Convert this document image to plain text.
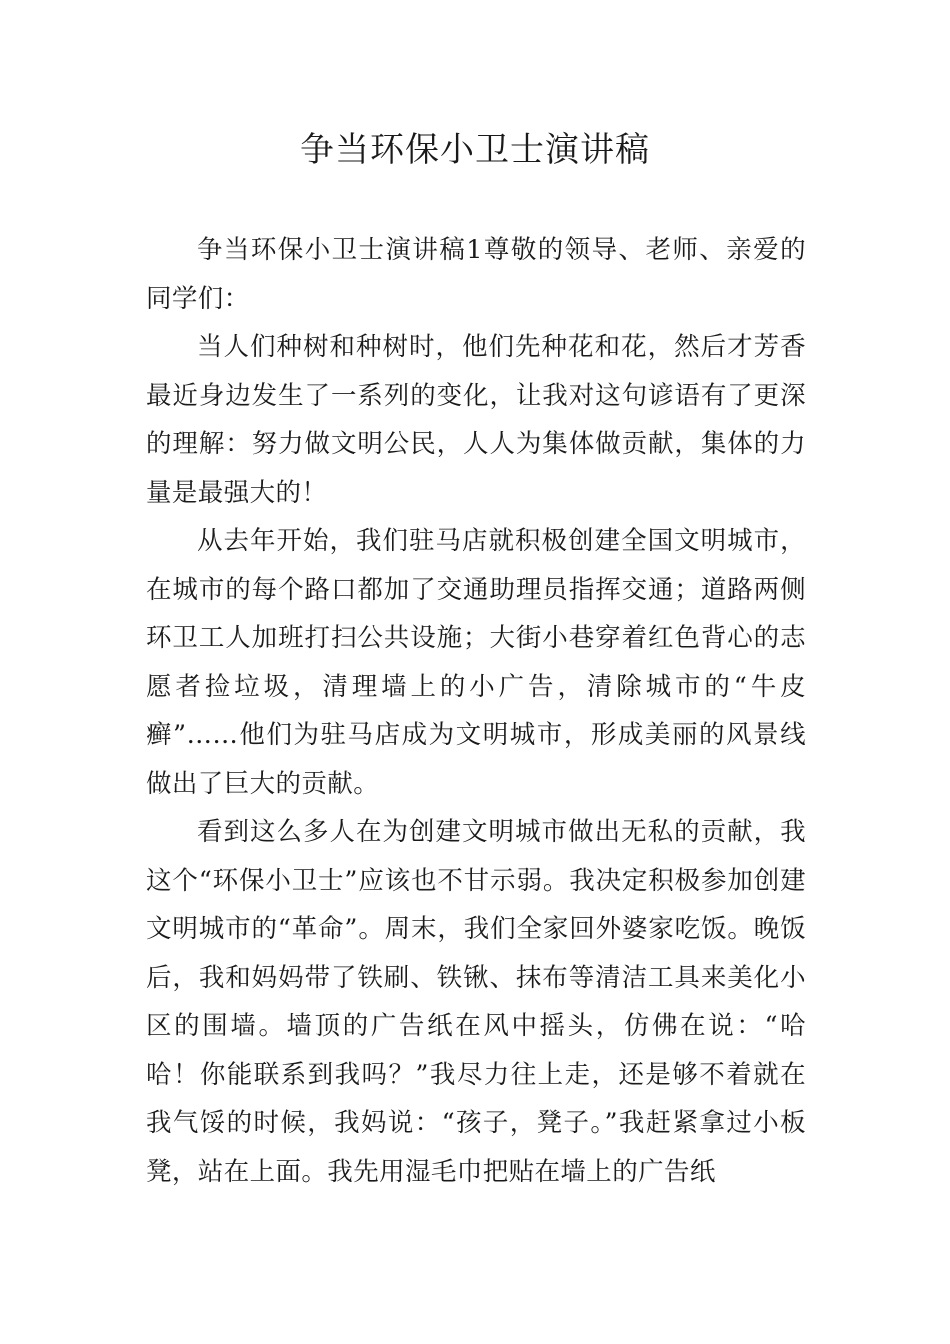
争当环保小卫士演讲稿

争当环保小卫士演讲稿1尊敬的领导、老师、亲爱的同学们：

当人们种树和种树时，他们先种花和花，然后才芳香最近身边发生了一系列的变化，让我对这句谚语有了更深的理解：努力做文明公民，人人为集体做贡献，集体的力量是最强大的！

从去年开始，我们驻马店就积极创建全国文明城市，在城市的每个路口都加了交通助理员指挥交通；道路两侧环卫工人加班打扫公共设施；大街小巷穿着红色背心的志愿者捡垃圾，清理墙上的小广告，清除城市的“牛皮癣”……他们为驻马店成为文明城市，形成美丽的风景线做出了巨大的贡献。

看到这么多人在为创建文明城市做出无私的贡献，我这个“环保小卫士”应该也不甘示弱。我决定积极参加创建文明城市的“革命”。周末，我们全家回外婆家吃饭。晚饭后，我和妈妈带了铁刷、铁锹、抹布等清洁工具来美化小区的围墙。墙顶的广告纸在风中摇头，仿佛在说：“哈哈！你能联系到我吗？”我尽力往上走，还是够不着就在我气馁的时候，我妈说：“孩子，凳子。”我赶紧拿过小板凳，站在上面。我先用湿毛巾把贴在墙上的广告纸
